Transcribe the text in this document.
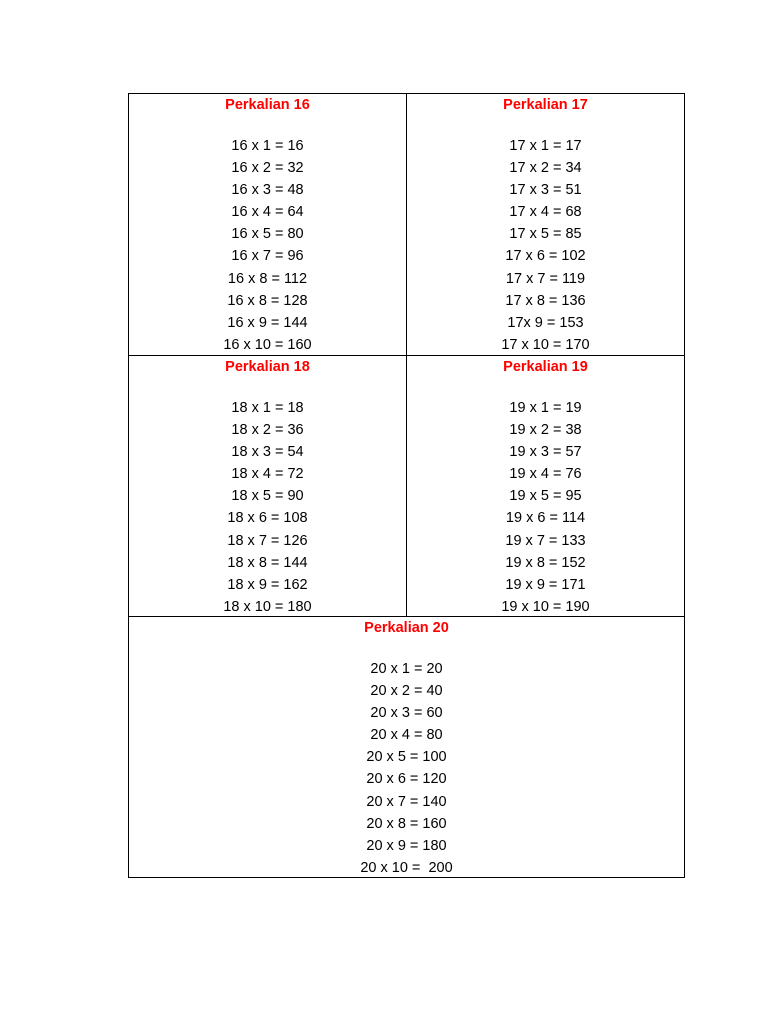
Perkalian 16
16 x 1 = 16
16 x 2 = 32
16 x 3 = 48
16 x 4 = 64
16 x 5 = 80
16 x 7 = 96
16 x 8 = 112
16 x 8 = 128
16 x 9 = 144
16 x 10 = 160
Perkalian 17
17 x 1 = 17
17 x 2 = 34
17 x 3 = 51
17 x 4 = 68
17 x 5 = 85
17 x 6 = 102
17 x 7 = 119
17 x 8 = 136
17x 9 = 153
17 x 10 = 170
Perkalian 18
18 x 1 = 18
18 x 2 = 36
18 x 3 = 54
18 x 4 = 72
18 x 5 = 90
18 x 6 = 108
18 x 7 = 126
18 x 8 = 144
18 x 9 = 162
18 x 10 = 180
Perkalian 19
19 x 1 = 19
19 x 2 = 38
19 x 3 = 57
19 x 4 = 76
19 x 5 = 95
19 x 6 = 114
19 x 7 = 133
19 x 8 = 152
19 x 9 = 171
19 x 10 = 190
Perkalian 20
20 x 1 = 20
20 x 2 = 40
20 x 3 = 60
20 x 4 = 80
20 x 5 = 100
20 x 6 = 120
20 x 7 = 140
20 x 8 = 160
20 x 9 = 180
20 x 10 =  200
